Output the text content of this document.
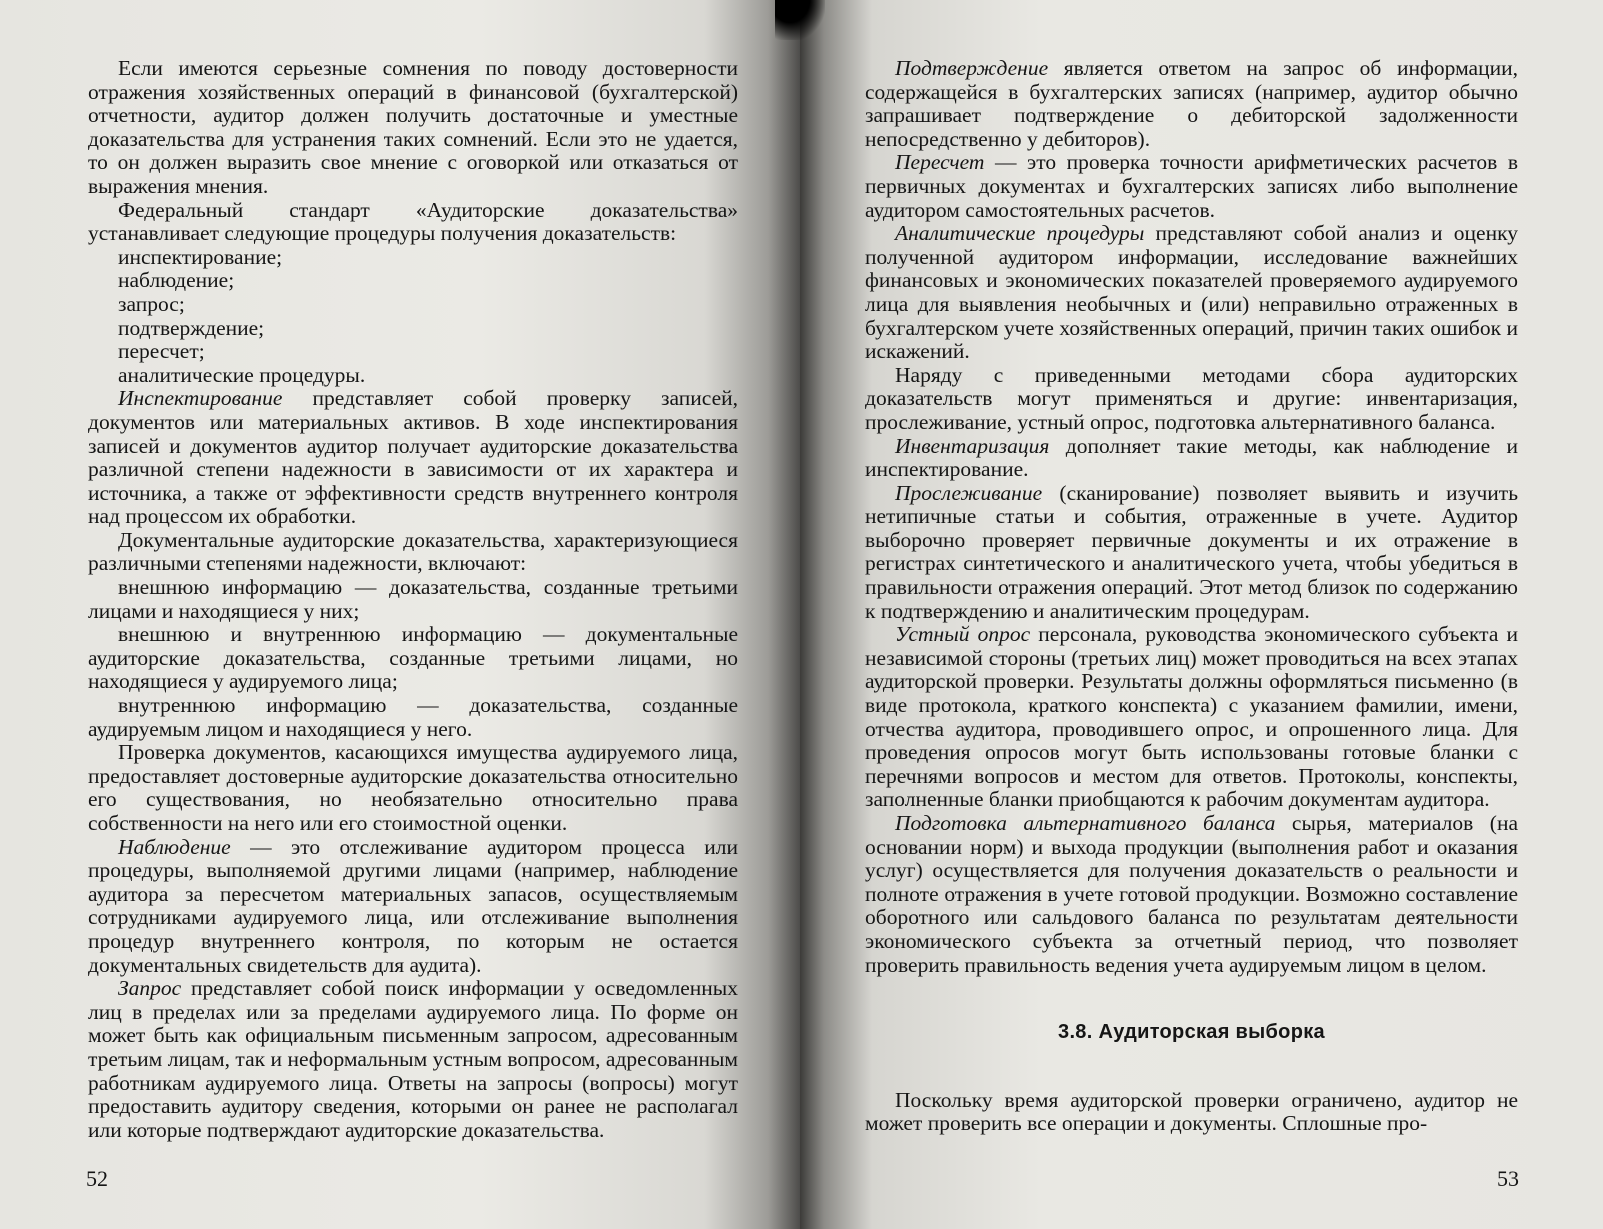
Если имеются серьезные сомнения по поводу достоверности отражения хозяйственных операций в финансовой (бухгалтерской) отчетности, аудитор должен получить достаточные и уместные доказательства для устранения таких сомнений. Если это не удается, то он должен выразить свое мнение с оговоркой или отказаться от выражения мнения.

Федеральный стандарт «Аудиторские доказательства» устанавливает следующие процедуры получения доказательств:

инспектирование;

наблюдение;

запрос;

подтверждение;

пересчет;

аналитические процедуры.

Инспектирование представляет собой проверку записей, документов или материальных активов. В ходе инспектирования записей и документов аудитор получает аудиторские доказательства различной степени надежности в зависимости от их характера и источника, а также от эффективности средств внутреннего контроля над процессом их обработки.

Документальные аудиторские доказательства, характеризующиеся различными степенями надежности, включают:

внешнюю информацию — доказательства, созданные третьими лицами и находящиеся у них;

внешнюю и внутреннюю информацию — документальные аудиторские доказательства, созданные третьими лицами, но находящиеся у аудируемого лица;

внутреннюю информацию — доказательства, созданные аудируемым лицом и находящиеся у него.

Проверка документов, касающихся имущества аудируемого лица, предоставляет достоверные аудиторские доказательства относительно его существования, но необязательно относительно права собственности на него или его стоимостной оценки.

Наблюдение — это отслеживание аудитором процесса или процедуры, выполняемой другими лицами (например, наблюдение аудитора за пересчетом материальных запасов, осуществляемым сотрудниками аудируемого лица, или отслеживание выполнения процедур внутреннего контроля, по которым не остается документальных свидетельств для аудита).

Запрос представляет собой поиск информации у осведомленных лиц в пределах или за пределами аудируемого лица. По форме он может быть как официальным письменным запросом, адресованным третьим лицам, так и неформальным устным вопросом, адресованным работникам аудируемого лица. Ответы на запросы (вопросы) могут предоставить аудитору сведения, которыми он ранее не располагал или которые подтверждают аудиторские доказательства.

52

Подтверждение является ответом на запрос об информации, содержащейся в бухгалтерских записях (например, аудитор обычно запрашивает подтверждение о дебиторской задолженности непосредственно у дебиторов).

Пересчет — это проверка точности арифметических расчетов в первичных документах и бухгалтерских записях либо выполнение аудитором самостоятельных расчетов.

Аналитические процедуры представляют собой анализ и оценку полученной аудитором информации, исследование важнейших финансовых и экономических показателей проверяемого аудируемого лица для выявления необычных и (или) неправильно отраженных в бухгалтерском учете хозяйственных операций, причин таких ошибок и искажений.

Наряду с приведенными методами сбора аудиторских доказательств могут применяться и другие: инвентаризация, прослеживание, устный опрос, подготовка альтернативного баланса.

Инвентаризация дополняет такие методы, как наблюдение и инспектирование.

Прослеживание (сканирование) позволяет выявить и изучить нетипичные статьи и события, отраженные в учете. Аудитор выборочно проверяет первичные документы и их отражение в регистрах синтетического и аналитического учета, чтобы убедиться в правильности отражения операций. Этот метод близок по содержанию к подтверждению и аналитическим процедурам.

Устный опрос персонала, руководства экономического субъекта и независимой стороны (третьих лиц) может проводиться на всех этапах аудиторской проверки. Результаты должны оформляться письменно (в виде протокола, краткого конспекта) с указанием фамилии, имени, отчества аудитора, проводившего опрос, и опрошенного лица. Для проведения опросов могут быть использованы готовые бланки с перечнями вопросов и местом для ответов. Протоколы, конспекты, заполненные бланки приобщаются к рабочим документам аудитора.

Подготовка альтернативного баланса сырья, материалов (на основании норм) и выхода продукции (выполнения работ и оказания услуг) осуществляется для получения доказательств о реальности и полноте отражения в учете готовой продукции. Возможно составление оборотного или сальдового баланса по результатам деятельности экономического субъекта за отчетный период, что позволяет проверить правильность ведения учета аудируемым лицом в целом.

3.8. Аудиторская выборка

Поскольку время аудиторской проверки ограничено, аудитор не может проверить все операции и документы. Сплошные про-

53
